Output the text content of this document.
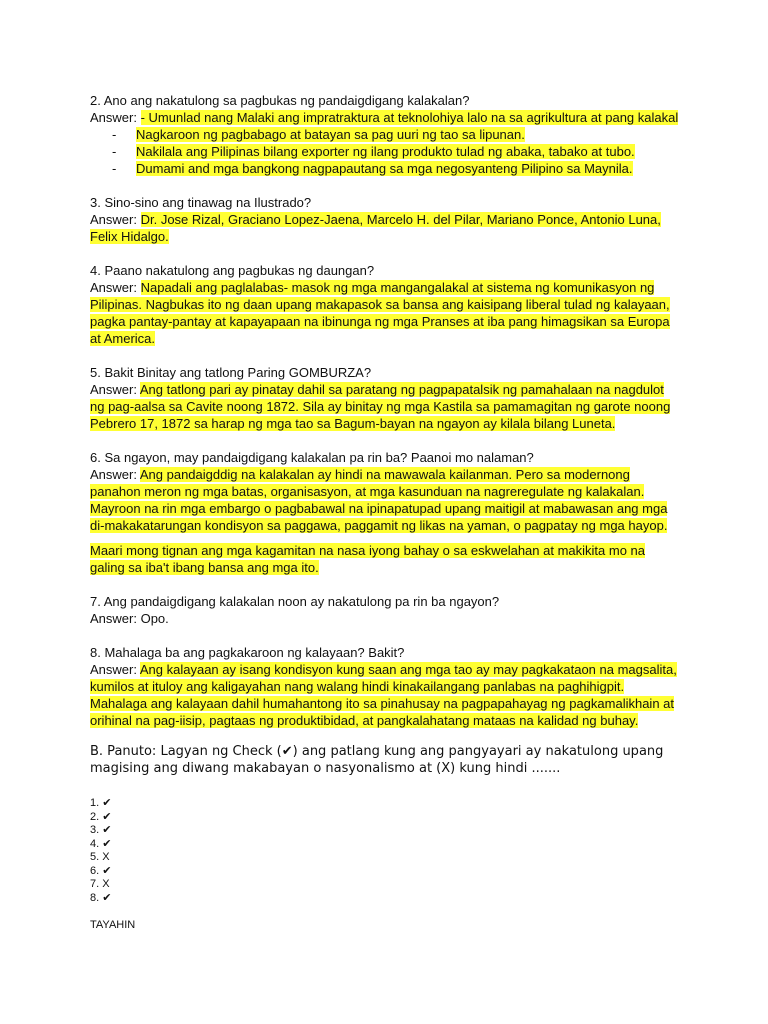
2. Ano ang nakatulong sa pagbukas ng pandaigdigang kalakalan?

Answer: - Umunlad nang Malaki ang impratraktura at teknolohiya lalo na sa agrikultura at pang kalakal

- Nagkaroon ng pagbabago at batayan sa pag uuri ng tao sa lipunan.
- Nakilala ang Pilipinas bilang exporter ng ilang produkto tulad ng abaka, tabako at tubo.
- Dumami and mga bangkong nagpapautang sa mga negosyanteng Pilipino sa Maynila.

3. Sino-sino ang tinawag na Ilustrado?

Answer: Dr. Jose Rizal, Graciano Lopez-Jaena, Marcelo H. del Pilar, Mariano Ponce, Antonio Luna, Felix Hidalgo.

4. Paano nakatulong ang pagbukas ng daungan?

Answer: Napadali ang paglalabas- masok ng mga mangangalakal at sistema ng komunikasyon ng Pilipinas. Nagbukas ito ng daan upang makapasok sa bansa ang kaisipang liberal tulad ng kalayaan, pagka pantay-pantay at kapayapaan na ibinunga ng mga Pranses at iba pang himagsikan sa Europa at America.

5. Bakit Binitay ang tatlong Paring GOMBURZA?

Answer: Ang tatlong pari ay pinatay dahil sa paratang ng pagpapatalsik ng pamahalaan na nagdulot ng pag-aalsa sa Cavite noong 1872. Sila ay binitay ng mga Kastila sa pamamagitan ng garote noong Pebrero 17, 1872 sa harap ng mga tao sa Bagum-bayan na ngayon ay kilala bilang Luneta.

6. Sa ngayon, may pandaigdigang kalakalan pa rin ba? Paanoi mo nalaman?

Answer: Ang pandaigddig na kalakalan ay hindi na mawawala kailanman. Pero sa modernong panahon meron ng mga batas, organisasyon, at mga kasunduan na nagreregulate ng kalakalan. Mayroon na rin mga embargo o pagbabawal na ipinapatupad upang maitigil at mabawasan ang mga di-makakatarungan kondisyon sa paggawa, paggamit ng likas na yaman, o pagpatay ng mga hayop.

Maari mong tignan ang mga kagamitan na nasa iyong bahay o sa eskwelahan at makikita mo na galing sa iba't ibang bansa ang mga ito.

7. Ang pandaigdigang kalakalan noon ay nakatulong pa rin ba ngayon?

Answer: Opo.

8. Mahalaga ba ang pagkakaroon ng kalayaan? Bakit?

Answer: Ang kalayaan ay isang kondisyon kung saan ang mga tao ay may pagkakataon na magsalita, kumilos at ituloy ang kaligayahan nang walang hindi kinakailangang panlabas na paghihigpit. Mahalaga ang kalayaan dahil humahantong ito sa pinahusay na pagpapahayag ng pagkamalikhain at orihinal na pag-iisip, pagtaas ng produktibidad, at pangkalahatang mataas na kalidad ng buhay.

B. Panuto: Lagyan ng Check (✔) ang patlang kung ang pangyayari ay nakatulong upang magising ang diwang makabayan o nasyonalismo at (X) kung hindi .......

1. ✔
2. ✔
3. ✔
4. ✔
5. X
6. ✔
7. X
8. ✔
TAYAHIN
